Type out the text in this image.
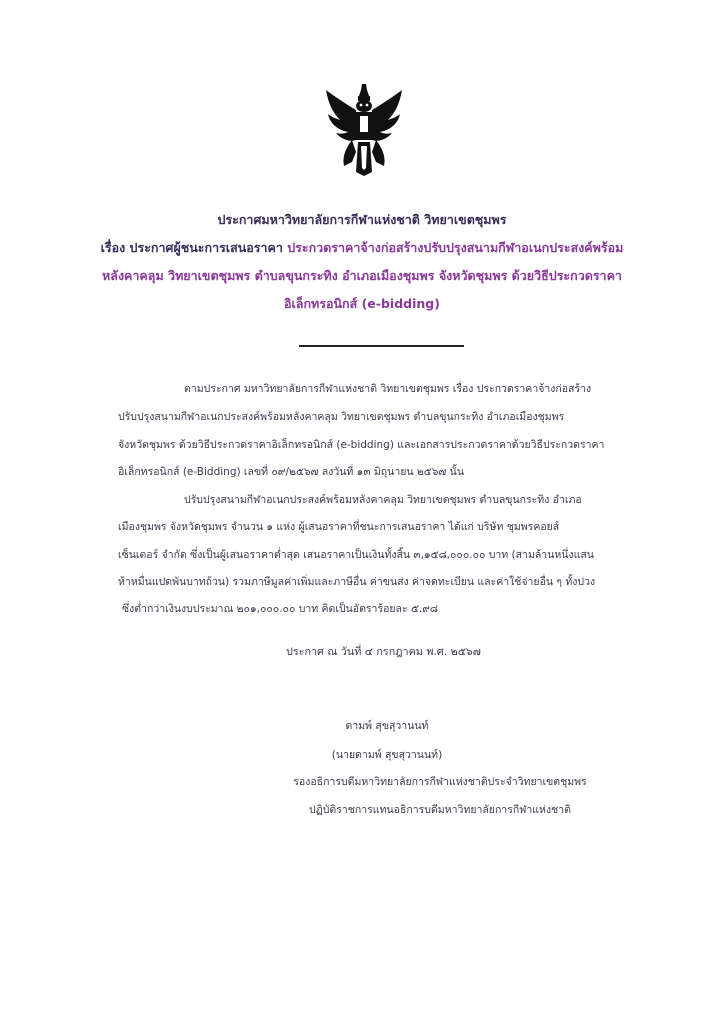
ประกาศมหาวิทยาลัยการกีฬาแห่งชาติ วิทยาเขตชุมพร
เรื่อง ประกาศผู้ชนะการเสนอราคา ประกวดราคาจ้างก่อสร้างปรับปรุงสนามกีฬาอเนกประสงค์พร้อม
หลังคาคลุม วิทยาเขตชุมพร ตำบลขุนกระทิง อำเภอเมืองชุมพร จังหวัดชุมพร ด้วยวิธีประกวดราคา
อิเล็กทรอนิกส์ (e-bidding)
ตามประกาศ มหาวิทยาลัยการกีฬาแห่งชาติ วิทยาเขตชุมพร เรื่อง ประกวดราคาจ้างก่อสร้าง
ปรับปรุงสนามกีฬาอเนกประสงค์พร้อมหลังคาคลุม วิทยาเขตชุมพร ตำบลขุนกระทิง อำเภอเมืองชุมพร
จังหวัดชุมพร ด้วยวิธีประกวดราคาอิเล็กทรอนิกส์ (e-bidding) และเอกสารประกวดราคาด้วยวิธีประกวดราคา
อิเล็กทรอนิกส์ (e-Bidding) เลขที่ ๐๙/๒๕๖๗ ลงวันที่ ๑๓ มิถุนายน ๒๕๖๗ นั้น
ปรับปรุงสนามกีฬาอเนกประสงค์พร้อมหลังคาคลุม วิทยาเขตชุมพร ตำบลขุนกระทิง อำเภอ
เมืองชุมพร จังหวัดชุมพร จำนวน ๑ แห่ง ผู้เสนอราคาที่ชนะการเสนอราคา ได้แก่ บริษัท ชุมพรคอยส์
เซ็นเตอร์ จำกัด ซึ่งเป็นผู้เสนอราคาต่ำสุด เสนอราคาเป็นเงินทั้งสิ้น ๓,๑๕๘,๐๐๐.๐๐ บาท (สามล้านหนึ่งแสน
ห้าหมื่นแปดพันบาทถ้วน) รวมภาษีมูลค่าเพิ่มและภาษีอื่น ค่าขนส่ง ค่าจดทะเบียน และค่าใช้จ่ายอื่น ๆ ทั้งปวง
ซึ่งต่ำกว่าเงินงบประมาณ ๒๐๑,๐๐๐.๐๐ บาท คิดเป็นอัตราร้อยละ ๕.๙๘
ประกาศ ณ วันที่ ๔ กรกฎาคม พ.ศ. ๒๕๖๗
ดามพ์ สุขสุวานนท์
(นายดามพ์ สุขสุวานนท์)
รองอธิการบดีมหาวิทยาลัยการกีฬาแห่งชาติประจำวิทยาเขตชุมพร
ปฏิบัติราชการแทนอธิการบดีมหาวิทยาลัยการกีฬาแห่งชาติ
